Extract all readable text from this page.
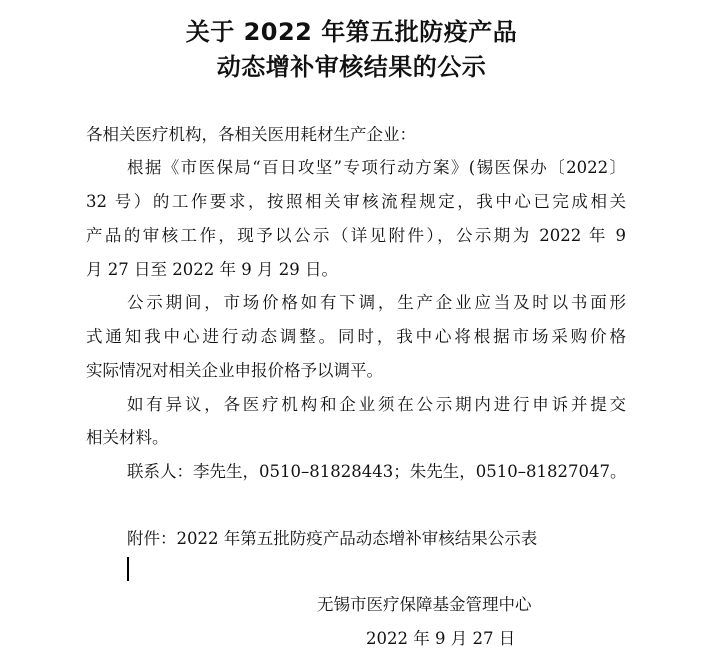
关于 2022 年第五批防疫产品
动态增补审核结果的公示
各相关医疗机构，各相关医用耗材生产企业：
根据《市医保局“百日攻坚”专项行动方案》(锡医保办〔2022〕
32 号）的工作要求，按照相关审核流程规定，我中心已完成相关
产品的审核工作，现予以公示（详见附件），公示期为 2022 年 9
月 27 日至 2022 年 9 月 29 日。
公示期间，市场价格如有下调，生产企业应当及时以书面形
式通知我中心进行动态调整。同时，我中心将根据市场采购价格
实际情况对相关企业申报价格予以调平。
如有异议，各医疗机构和企业须在公示期内进行申诉并提交
相关材料。
联系人：李先生，0510–81828443；朱先生，0510–81827047。
附件：2022 年第五批防疫产品动态增补审核结果公示表
无锡市医疗保障基金管理中心
2022 年 9 月 27 日
